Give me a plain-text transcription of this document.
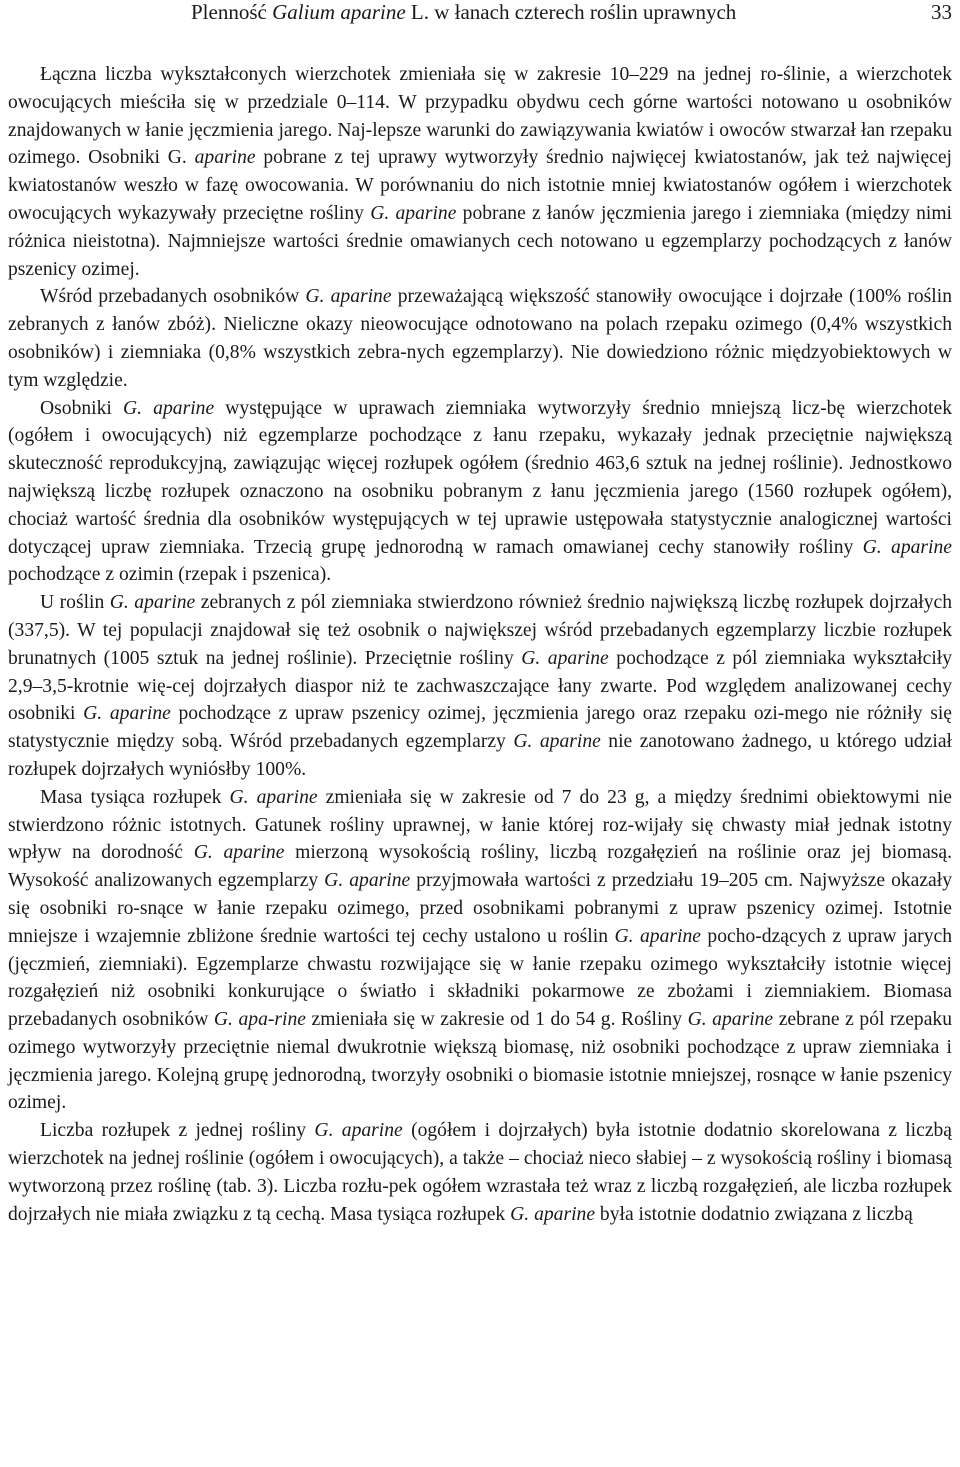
Plenność Galium aparine L. w łanach czterech roślin uprawnych	33

Łączna liczba wykształconych wierzchotek zmieniała się w zakresie 10–229 na jednej ro-ślinie, a wierzchotek owocujących mieściła się w przedziale 0–114. W przypadku obydwu cech górne wartości notowano u osobników znajdowanych w łanie jęczmienia jarego. Naj-lepsze warunki do zawiązywania kwiatów i owoców stwarzał łan rzepaku ozimego. Osobniki G. aparine pobrane z tej uprawy wytworzyły średnio najwięcej kwiatostanów, jak też najwięcej kwiatostanów weszło w fazę owocowania. W porównaniu do nich istotnie mniej kwiatostanów ogółem i wierzchotek owocujących wykazywały przeciętne rośliny G. aparine pobrane z łanów jęczmienia jarego i ziemniaka (między nimi różnica nieistotna). Najmniejsze wartości średnie omawianych cech notowano u egzemplarzy pochodzących z łanów pszenicy ozimej.

Wśród przebadanych osobników G. aparine przeważającą większość stanowiły owocujące i dojrzałe (100% roślin zebranych z łanów zbóż). Nieliczne okazy nieowocujące odnotowano na polach rzepaku ozimego (0,4% wszystkich osobników) i ziemniaka (0,8% wszystkich zebra-nych egzemplarzy). Nie dowiedziono różnic międzyobiektowych w tym względzie.

Osobniki G. aparine występujące w uprawach ziemniaka wytworzyły średnio mniejszą licz-bę wierzchotek (ogółem i owocujących) niż egzemplarze pochodzące z łanu rzepaku, wykazały jednak przeciętnie największą skuteczność reprodukcyjną, zawiązując więcej rozłupek ogółem (średnio 463,6 sztuk na jednej roślinie). Jednostkowo największą liczbę rozłupek oznaczono na osobniku pobranym z łanu jęczmienia jarego (1560 rozłupek ogółem), chociaż wartość średnia dla osobników występujących w tej uprawie ustępowała statystycznie analogicznej wartości dotyczącej upraw ziemniaka. Trzecią grupę jednorodną w ramach omawianej cechy stanowiły rośliny G. aparine pochodzące z ozimin (rzepak i pszenica).

U roślin G. aparine zebranych z pól ziemniaka stwierdzono również średnio największą liczbę rozłupek dojrzałych (337,5). W tej populacji znajdował się też osobnik o największej wśród przebadanych egzemplarzy liczbie rozłupek brunatnych (1005 sztuk na jednej roślinie). Przeciętnie rośliny G. aparine pochodzące z pól ziemniaka wykształciły 2,9–3,5-krotnie wię-cej dojrzałych diaspor niż te zachwaszczające łany zwarte. Pod względem analizowanej cechy osobniki G. aparine pochodzące z upraw pszenicy ozimej, jęczmienia jarego oraz rzepaku ozi-mego nie różniły się statystycznie między sobą. Wśród przebadanych egzemplarzy G. aparine nie zanotowano żadnego, u którego udział rozłupek dojrzałych wyniósłby 100%.

Masa tysiąca rozłupek G. aparine zmieniała się w zakresie od 7 do 23 g, a między średnimi obiektowymi nie stwierdzono różnic istotnych. Gatunek rośliny uprawnej, w łanie której roz-wijały się chwasty miał jednak istotny wpływ na dorodność G. aparine mierzoną wysokością rośliny, liczbą rozgałęzień na roślinie oraz jej biomasą. Wysokość analizowanych egzemplarzy G. aparine przyjmowała wartości z przedziału 19–205 cm. Najwyższe okazały się osobniki ro-snące w łanie rzepaku ozimego, przed osobnikami pobranymi z upraw pszenicy ozimej. Istotnie mniejsze i wzajemnie zbliżone średnie wartości tej cechy ustalono u roślin G. aparine pocho-dzących z upraw jarych (jęczmień, ziemniaki). Egzemplarze chwastu rozwijające się w łanie rzepaku ozimego wykształciły istotnie więcej rozgałęzień niż osobniki konkurujące o światło i składniki pokarmowe ze zbożami i ziemniakiem. Biomasa przebadanych osobników G. apa-rine zmieniała się w zakresie od 1 do 54 g. Rośliny G. aparine zebrane z pól rzepaku ozimego wytworzyły przeciętnie niemal dwukrotnie większą biomasę, niż osobniki pochodzące z upraw ziemniaka i jęczmienia jarego. Kolejną grupę jednorodną, tworzyły osobniki o biomasie istotnie mniejszej, rosnące w łanie pszenicy ozimej.

Liczba rozłupek z jednej rośliny G. aparine (ogółem i dojrzałych) była istotnie dodatnio skorelowana z liczbą wierzchotek na jednej roślinie (ogółem i owocujących), a także – chociaż nieco słabiej – z wysokością rośliny i biomasą wytworzoną przez roślinę (tab. 3). Liczba rozłu-pek ogółem wzrastała też wraz z liczbą rozgałęzień, ale liczba rozłupek dojrzałych nie miała związku z tą cechą. Masa tysiąca rozłupek G. aparine była istotnie dodatnio związana z liczbą
